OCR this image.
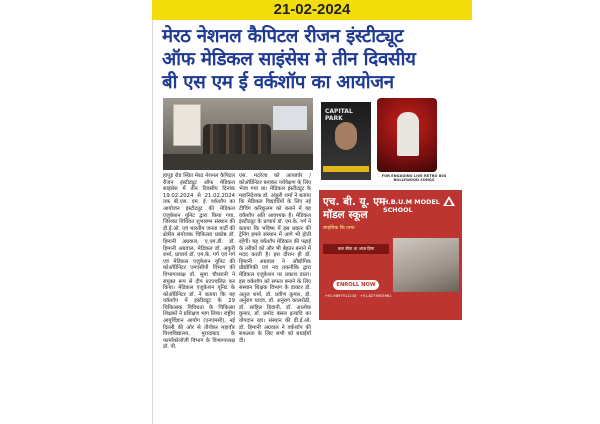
21-02-2024
मेरठ नेशनल कैपिटल रीजन इंस्टीट्यूट
ऑफ मेडिकल साइंसेस मे तीन दिवसीय
बी एस एम ई वर्कशॉप का आयोजन

हापुड़ रोड स्थित मेरठ नेशनल कैपिटल रीजन इंस्टीट्यूट ऑफ मेडिकल साइंसेस में तीन दिवसीय दिनांक 19.02.2024 से 21.02.2024 तक बी.एस. एम. ई. वर्कशॉप का आयोजन इंस्टीट्यूट की मेडिकल एजुकेशन यूनिट द्वारा किया गया, जिसका विधिवत शुभारम्भ संस्थान की डी.ई.ओ. एवं भारतीय जनता पार्टी की क्षेत्रीय संयोजक चिकित्सा प्रकोष्ठ डॉ. हिमानी अग्रवाल, ए.एम.डी. डॉ. हिमानी अग्रवाल, मेडिकल डॉ. अंकुरी शर्मा, प्राचार्य डॉ. एम.के. गर्ग एवं गर्ग एवं मेडिकल एजुकेशन यूनिट की कोऑर्डिनेटर एमएसीपी विभाग की विभागाध्यक्ष डॉ. सुमा चौधरानी ने संयुक्त रूप से दीप प्रज्ज्वलित कर किया। मेडिकल एजुकेशन यूनिट के कोऑर्डिनेटर डॉ. ने बताया कि यह वर्कशॉप में इंस्टीट्यूट के 29 चिकित्सक विविधता के चिकित्सा शिक्षकों ने प्रशिक्षण भाग लिया। राष्ट्रीय आयुर्विज्ञान आयोग (एनएमसी), नई दिल्ली की ओर से तीर्थंकर महावीर विश्वविद्यालय, मुरादाबाद के फार्माकोलॉजी विभाग के विभागाध्यक्ष डॉ. पी.

एस. मदरेजा को आब्जर्वर / कोऑर्डिनेटर बनाकर पर्यवेक्षण के लिए भेजा गया था। मेडिकल इंस्टीट्यूट के महानिदेशक डॉ. अंकुरी शर्मा ने बताया कि मेडिकल विद्यार्थियों के लिए नई टीचिंग करिकुलम को बनाने में यह वर्कशॉप अति आवश्यक है। मेडिकल इंस्टीट्यूट के प्राचार्य डॉ. एम.के. गर्ग ने बताया कि भविष्य में इस प्रकार की ट्रेनिंग हमारे संस्थान में आगे भी होती रहेंगी। यह वर्कशॉप मेडिकल की पढ़ाई के तरीकों को और भी बेहतर बनाने में मदद करती है। इस दौरान ही डॉ. हिमानी अग्रवाल ने औद्योगिक प्रौद्योगिकी एवं नव तकनीकि द्वारा मेडिकल एजुकेशन पर प्रकाश डाला। इस वर्कशॉप को सफल बनाने के लिए संस्थान शिक्षक विभाग के डाक्टर डॉ. अतुल शर्मा, डॉ. प्रवीण कुमार, डॉ. अनुराग यादव, डॉ. अनुराग कालरोठी, डॉ. साहिल डिवानी, डॉ. आलोक कुमार, डॉ. प्रमोद बंसल इत्यादि का योगदान रहा। संस्थान की डी.ई.ओ. डॉ. हिमानी अग्रवाल ने वर्कशॉप की सफलता के लिए सभी को बधाईयाँ दी।

CAPITAL PARK
FOR ENGAGING LIVE RETRO 80S BOLLYWOOD SONGS
एच. बी. यू. एम
मॉडल स्कूल
H.B.U.M MODEL
SCHOOL
साहसिक कि तरफ
कल बीता था आज हिमा
ENROLL NOW
+91-9897911234 · +91-8279503961
